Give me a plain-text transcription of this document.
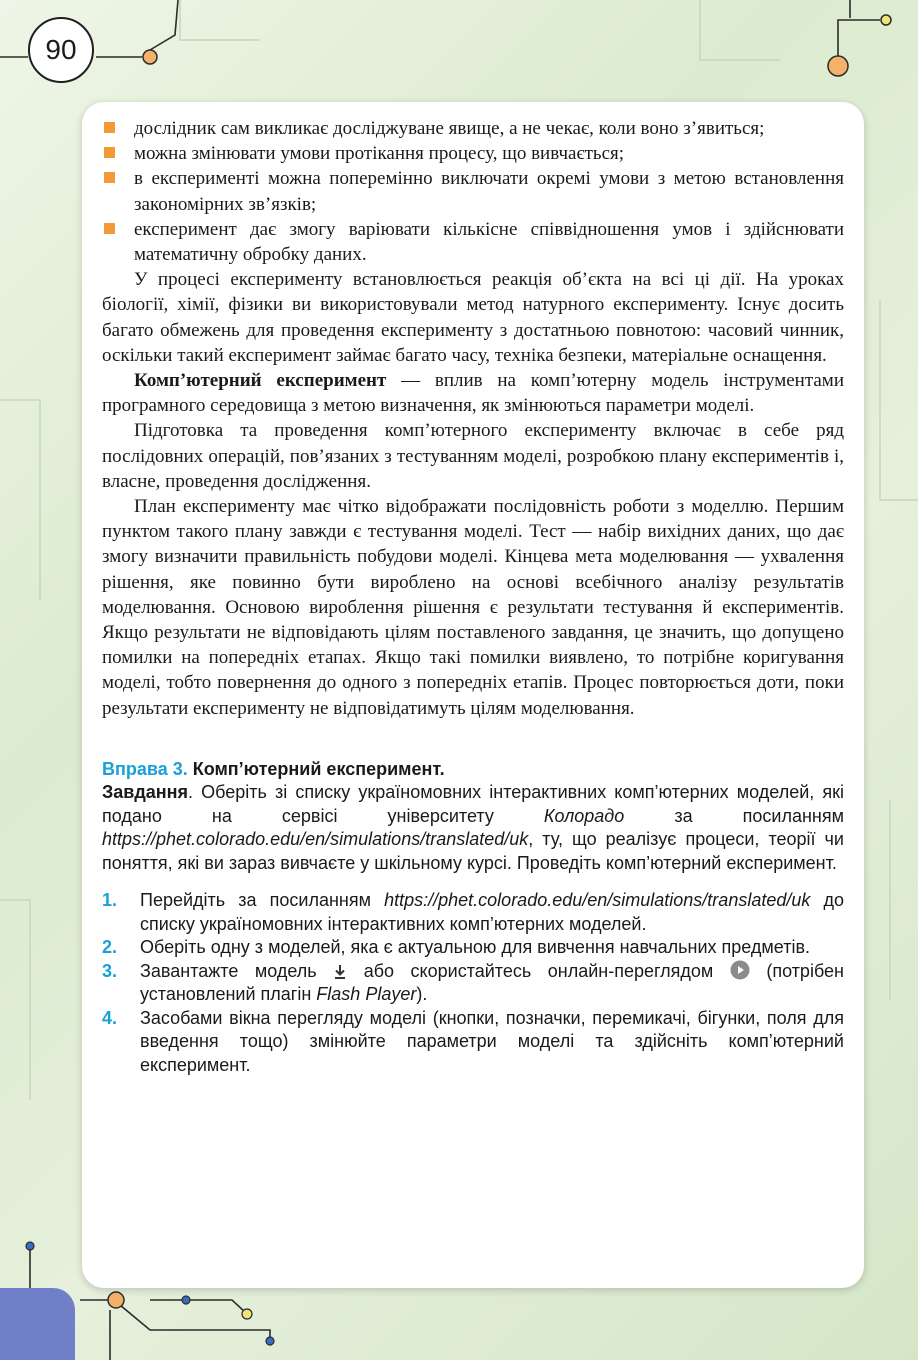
90
дослідник сам викликає досліджуване явище, а не чекає, коли воно з’явиться;
можна змінювати умови протікання процесу, що вивчається;
в експерименті можна поперемінно виключати окремі умови з метою встановлення закономірних зв’язків;
експеримент дає змогу варіювати кількісне співвідношення умов і здійснювати математичну обробку даних.

У процесі експерименту встановлюється реакція об’єкта на всі ці дії. На уроках біології, хімії, фізики ви використовували метод натурного експерименту. Існує досить багато обмежень для проведення експерименту з достатньою повнотою: часовий чинник, оскільки такий експеримент займає багато часу, техніка безпеки, матеріальне оснащення.

Комп’ютерний експеримент — вплив на комп’ютерну модель інструментами програмного середовища з метою визначення, як змінюються параметри моделі.

Підготовка та проведення комп’ютерного експерименту включає в себе ряд послідовних операцій, пов’язаних з тестуванням моделі, розробкою плану експериментів і, власне, проведення дослідження.

План експерименту має чітко відображати послідовність роботи з моделлю. Першим пунктом такого плану завжди є тестування моделі. Тест — набір вихідних даних, що дає змогу визначити правильність побудови моделі. Кінцева мета моделювання — ухвалення рішення, яке повинно бути вироблено на основі всебічного аналізу результатів моделювання. Основою вироблення рішення є результати тестування й експериментів. Якщо результати не відповідають цілям поставленого завдання, це значить, що допущено помилки на попередніх етапах. Якщо такі помилки виявлено, то потрібне коригування моделі, тобто повернення до одного з попередніх етапів. Процес повторюється доти, поки результати експерименту не відповідатимуть цілям моделювання.

Вправа 3. Комп’ютерний експеримент.

Завдання. Оберіть зі списку україномовних інтерактивних комп’ютерних моделей, які подано на сервісі університету Колорадо за посиланням https://phet.colorado.edu/en/simulations/translated/uk, ту, що реалізує процеси, теорії чи поняття, які ви зараз вивчаєте у шкільному курсі. Проведіть комп’ютерний експеримент.

1. Перейдіть за посиланням https://phet.colorado.edu/en/simulations/translated/uk до списку україномовних інтерактивних комп’ютерних моделей.
2. Оберіть одну з моделей, яка є актуальною для вивчення навчальних предметів.
3. Завантажте модель  або скористайтесь онлайн-переглядом  (потрібен установлений плагін Flash Player).
4. Засобами вікна перегляду моделі (кнопки, позначки, перемикачі, бігунки, поля для введення тощо) змінюйте параметри моделі та здійсніть комп’ютерний експеримент.
